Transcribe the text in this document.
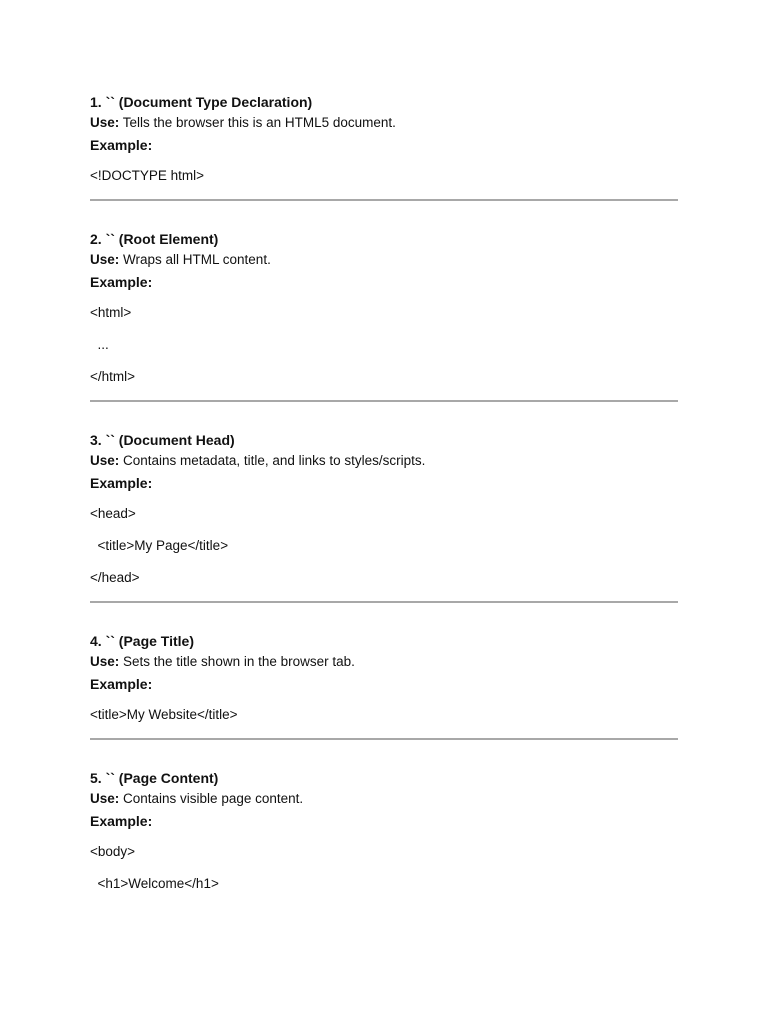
1. `` (Document Type Declaration)
Use: Tells the browser this is an HTML5 document.
Example:
<!DOCTYPE html>
2. `` (Root Element)
Use: Wraps all HTML content.
Example:
<html>
...
</html>
3. `` (Document Head)
Use: Contains metadata, title, and links to styles/scripts.
Example:
<head>
<title>My Page</title>
</head>
4. `` (Page Title)
Use: Sets the title shown in the browser tab.
Example:
<title>My Website</title>
5. `` (Page Content)
Use: Contains visible page content.
Example:
<body>
<h1>Welcome</h1>
